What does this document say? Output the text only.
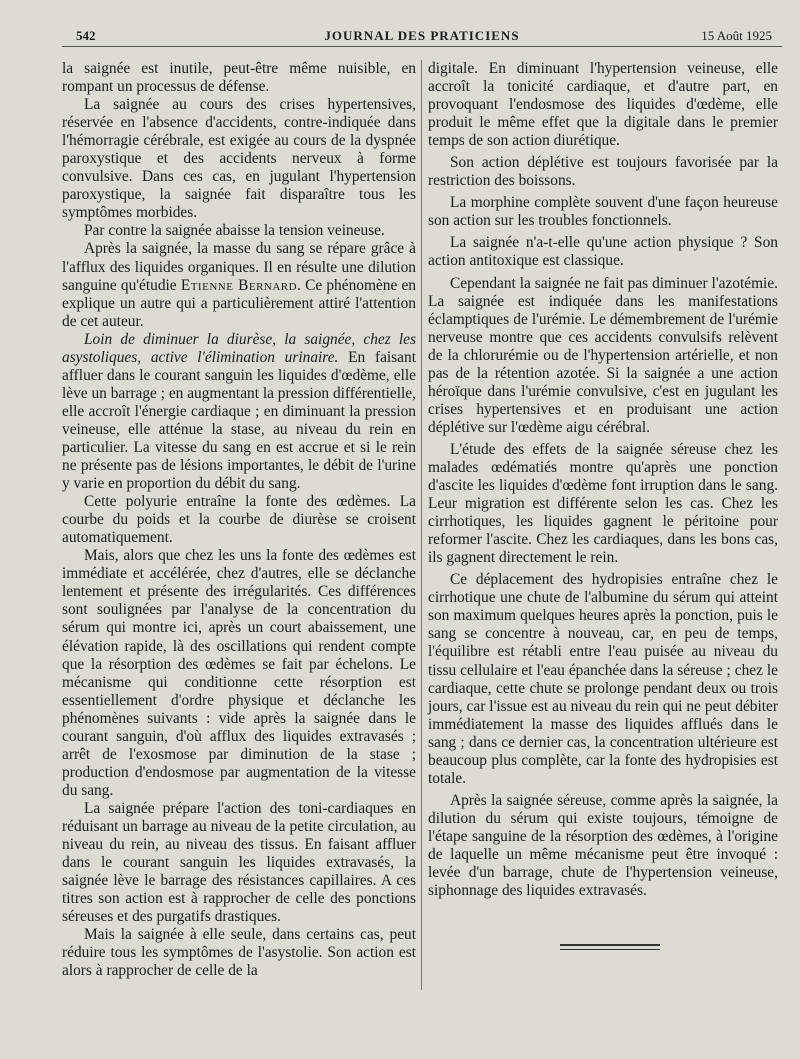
542	JOURNAL DES PRATICIENS	15 Août 1925

la saignée est inutile, peut-être même nuisible, en rompant un processus de défense.

La saignée au cours des crises hypertensives, réservée en l'absence d'accidents, contre-indiquée dans l'hémorragie cérébrale, est exigée au cours de la dyspnée paroxystique et des accidents nerveux à forme convulsive. Dans ces cas, en jugulant l'hypertension paroxystique, la saignée fait disparaître tous les symptômes morbides.

Par contre la saignée abaisse la tension veineuse.

Après la saignée, la masse du sang se répare grâce à l'afflux des liquides organiques. Il en résulte une dilution sanguine qu'étudie Etienne Bernard. Ce phénomène en explique un autre qui a particulièrement attiré l'attention de cet auteur.

Loin de diminuer la diurèse, la saignée, chez les asystoliques, active l'élimination urinaire. En faisant affluer dans le courant sanguin les liquides d'œdème, elle lève un barrage ; en augmentant la pression différentielle, elle accroît l'énergie cardiaque ; en diminuant la pression veineuse, elle atténue la stase, au niveau du rein en particulier. La vitesse du sang en est accrue et si le rein ne présente pas de lésions importantes, le débit de l'urine y varie en proportion du débit du sang.

Cette polyurie entraîne la fonte des œdèmes. La courbe du poids et la courbe de diurèse se croisent automatiquement.

Mais, alors que chez les uns la fonte des œdèmes est immédiate et accélérée, chez d'autres, elle se déclanche lentement et présente des irrégularités. Ces différences sont soulignées par l'analyse de la concentration du sérum qui montre ici, après un court abaissement, une élévation rapide, là des oscillations qui rendent compte que la résorption des œdèmes se fait par échelons. Le mécanisme qui conditionne cette résorption est essentiellement d'ordre physique et déclanche les phénomènes suivants : vide après la saignée dans le courant sanguin, d'où afflux des liquides extravasés ; arrêt de l'exosmose par diminution de la stase ; production d'endosmose par augmentation de la vitesse du sang.

La saignée prépare l'action des toni-cardiaques en réduisant un barrage au niveau de la petite circulation, au niveau du rein, au niveau des tissus. En faisant affluer dans le courant sanguin les liquides extravasés, la saignée lève le barrage des résistances capillaires. A ces titres son action est à rapprocher de celle des ponctions séreuses et des purgatifs drastiques.

Mais la saignée à elle seule, dans certains cas, peut réduire tous les symptômes de l'asystolie. Son action est alors à rapprocher de celle de la

digitale. En diminuant l'hypertension veineuse, elle accroît la tonicité cardiaque, et d'autre part, en provoquant l'endosmose des liquides d'œdème, elle produit le même effet que la digitale dans le premier temps de son action diurétique.

Son action déplétive est toujours favorisée par la restriction des boissons.

La morphine complète souvent d'une façon heureuse son action sur les troubles fonctionnels.

La saignée n'a-t-elle qu'une action physique ? Son action antitoxique est classique.

Cependant la saignée ne fait pas diminuer l'azotémie. La saignée est indiquée dans les manifestations éclamptiques de l'urémie. Le démembrement de l'urémie nerveuse montre que ces accidents convulsifs relèvent de la chlorurémie ou de l'hypertension artérielle, et non pas de la rétention azotée. Si la saignée a une action héroïque dans l'urémie convulsive, c'est en jugulant les crises hypertensives et en produisant une action déplétive sur l'œdème aigu cérébral.

L'étude des effets de la saignée séreuse chez les malades œdématiés montre qu'après une ponction d'ascite les liquides d'œdème font irruption dans le sang. Leur migration est différente selon les cas. Chez les cirrhotiques, les liquides gagnent le péritoine pour reformer l'ascite. Chez les cardiaques, dans les bons cas, ils gagnent directement le rein.

Ce déplacement des hydropisies entraîne chez le cirrhotique une chute de l'albumine du sérum qui atteint son maximum quelques heures après la ponction, puis le sang se concentre à nouveau, car, en peu de temps, l'équilibre est rétabli entre l'eau puisée au niveau du tissu cellulaire et l'eau épanchée dans la séreuse ; chez le cardiaque, cette chute se prolonge pendant deux ou trois jours, car l'issue est au niveau du rein qui ne peut débiter immédiatement la masse des liquides afflués dans le sang ; dans ce dernier cas, la concentration ultérieure est beaucoup plus complète, car la fonte des hydropisies est totale.

Après la saignée séreuse, comme après la saignée, la dilution du sérum qui existe toujours, témoigne de l'étape sanguine de la résorption des œdèmes, à l'origine de laquelle un même mécanisme peut être invoqué : levée d'un barrage, chute de l'hypertension veineuse, siphonnage des liquides extravasés.
